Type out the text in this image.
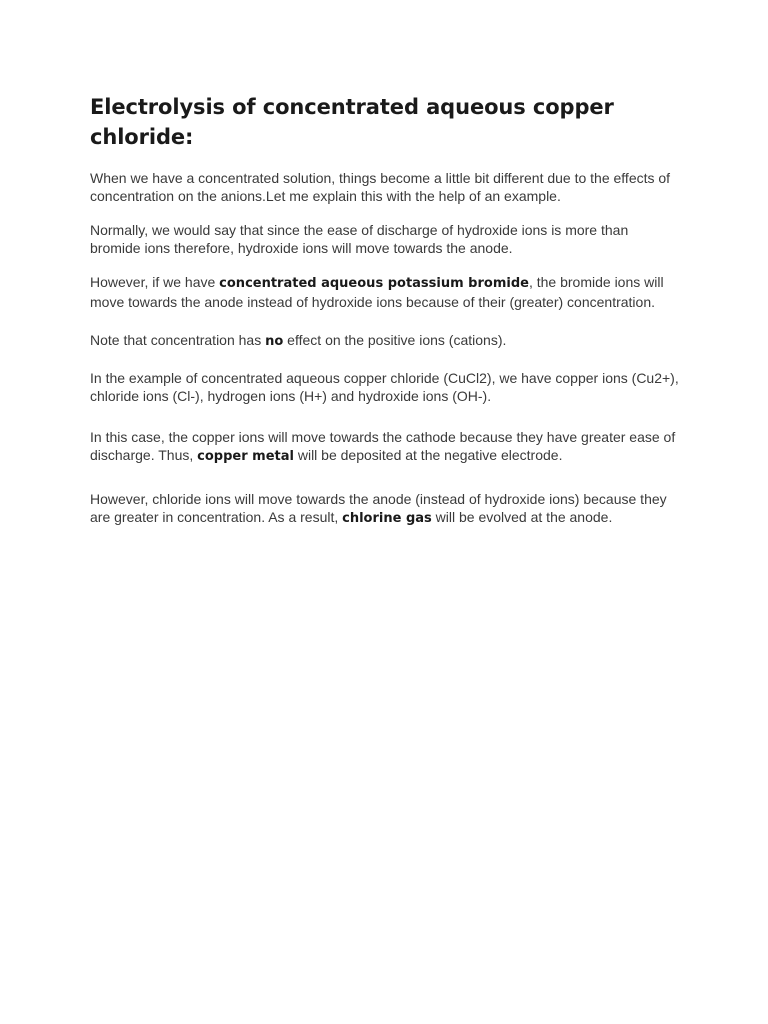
Electrolysis of concentrated aqueous copper chloride:

When we have a concentrated solution, things become a little bit different due to the effects of concentration on the anions.Let me explain this with the help of an example.

Normally, we would say that since the ease of discharge of hydroxide ions is more than bromide ions therefore, hydroxide ions will move towards the anode.

However, if we have concentrated aqueous potassium bromide, the bromide ions will move towards the anode instead of hydroxide ions because of their (greater) concentration.

Note that concentration has no effect on the positive ions (cations).

In the example of concentrated aqueous copper chloride (CuCl2), we have copper ions (Cu2+), chloride ions (Cl-), hydrogen ions (H+) and hydroxide ions (OH-).

In this case, the copper ions will move towards the cathode because they have greater ease of discharge. Thus, copper metal will be deposited at the negative electrode.

However, chloride ions will move towards the anode (instead of hydroxide ions) because they are greater in concentration. As a result, chlorine gas will be evolved at the anode.
